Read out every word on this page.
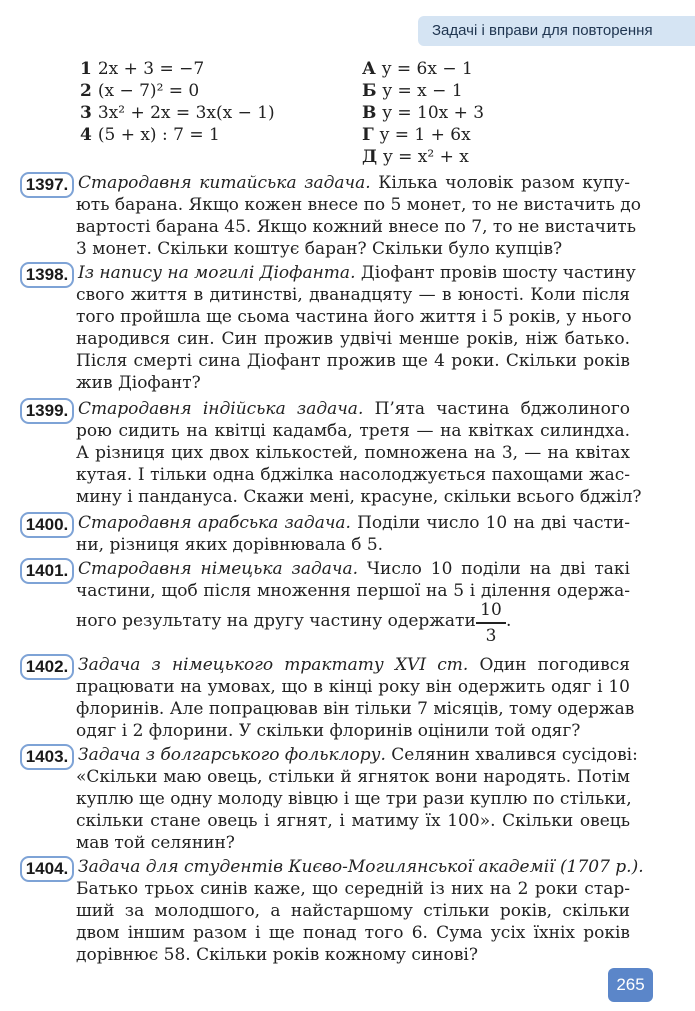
Задачі і вправи для повторення
1 2x + 3 = −7
2 (x − 7)² = 0
3 3x² + 2x = 3x(x − 1)
4 (5 + x) : 7 = 1
А y = 6x − 1
Б y = x − 1
В y = 10x + 3
Г y = 1 + 6x
Д y = x² + x
1397. Стародавня китайська задача. Кілька чоловік разом купу-
ють барана. Якщо кожен внесе по 5 монет, то не вистачить до
вартості барана 45. Якщо кожний внесе по 7, то не вистачить
3 монет. Скільки коштує баран? Скільки було купців?
1398. Із напису на могилі Діофанта. Діофант провів шосту частину
свого життя в дитинстві, дванадцяту — в юності. Коли після
того пройшла ще сьома частина його життя і 5 років, у нього
народився син. Син прожив удвічі менше років, ніж батько.
Після смерті сина Діофант прожив ще 4 роки. Скільки років
жив Діофант?
1399. Стародавня індійська задача. П’ята частина бджолиного
рою сидить на квітці кадамба, третя — на квітках силиндха.
А різниця цих двох кількостей, помножена на 3, — на квітах
кутая. І тільки одна бджілка насолоджується пахощами жас-
мину і пандануса. Скажи мені, красуне, скільки всього бджіл?
1400. Стародавня арабська задача. Поділи число 10 на дві части-
ни, різниця яких дорівнювала б 5.
1401. Стародавня німецька задача. Число 10 поділи на дві такі
частини, щоб після множення першої на 5 і ділення одержа-
ного результату на другу частину одержати
10
3
.
1402. Задача з німецького трактату XVI ст. Один погодився
працювати на умовах, що в кінці року він одержить одяг і 10
флоринів. Але попрацював він тільки 7 місяців, тому одержав
одяг і 2 флорини. У скільки флоринів оцінили той одяг?
1403. Задача з болгарського фольклору. Селянин хвалився сусідові:
«Скільки маю овець, стільки й ягняток вони народять. Потім
куплю ще одну молоду вівцю і ще три рази куплю по стільки,
скільки стане овець і ягнят, і матиму їх 100». Скільки овець
мав той селянин?
1404. Задача для студентів Києво-Могилянської академії (1707 р.).
Батько трьох синів каже, що середній із них на 2 роки стар-
ший за молодшого, а найстаршому стільки років, скільки
двом іншим разом і ще понад того 6. Сума усіх їхніх років
дорівнює 58. Скільки років кожному синові?
265
